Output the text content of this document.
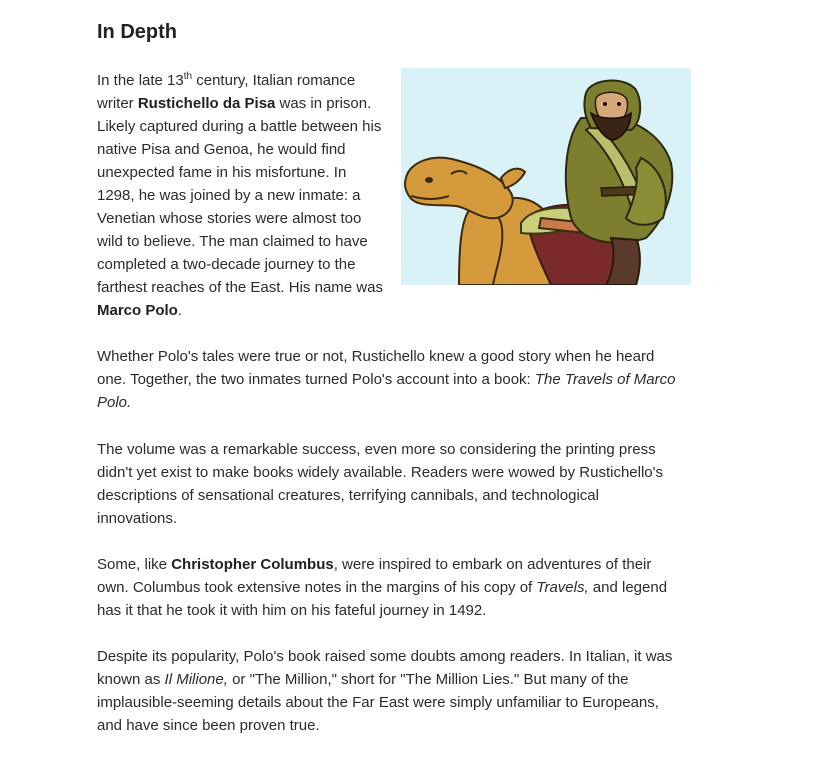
In Depth

In the late 13th century, Italian romance writer Rustichello da Pisa was in prison. Likely captured during a battle between his native Pisa and Genoa, he would find unexpected fame in his misfortune. In 1298, he was joined by a new inmate: a Venetian whose stories were almost too wild to believe. The man claimed to have completed a two-decade journey to the farthest reaches of the East. His name was Marco Polo.

Whether Polo's tales were true or not, Rustichello knew a good story when he heard one. Together, the two inmates turned Polo's account into a book: The Travels of Marco Polo.

The volume was a remarkable success, even more so considering the printing press didn't yet exist to make books widely available. Readers were wowed by Rustichello's descriptions of sensational creatures, terrifying cannibals, and technological innovations.

Some, like Christopher Columbus, were inspired to embark on adventures of their own. Columbus took extensive notes in the margins of his copy of Travels, and legend has it that he took it with him on his fateful journey in 1492.

Despite its popularity, Polo's book raised some doubts among readers. In Italian, it was known as Il Milione, or "The Million," short for "The Million Lies." But many of the implausible-seeming details about the Far East were simply unfamiliar to Europeans, and have since been proven true.
